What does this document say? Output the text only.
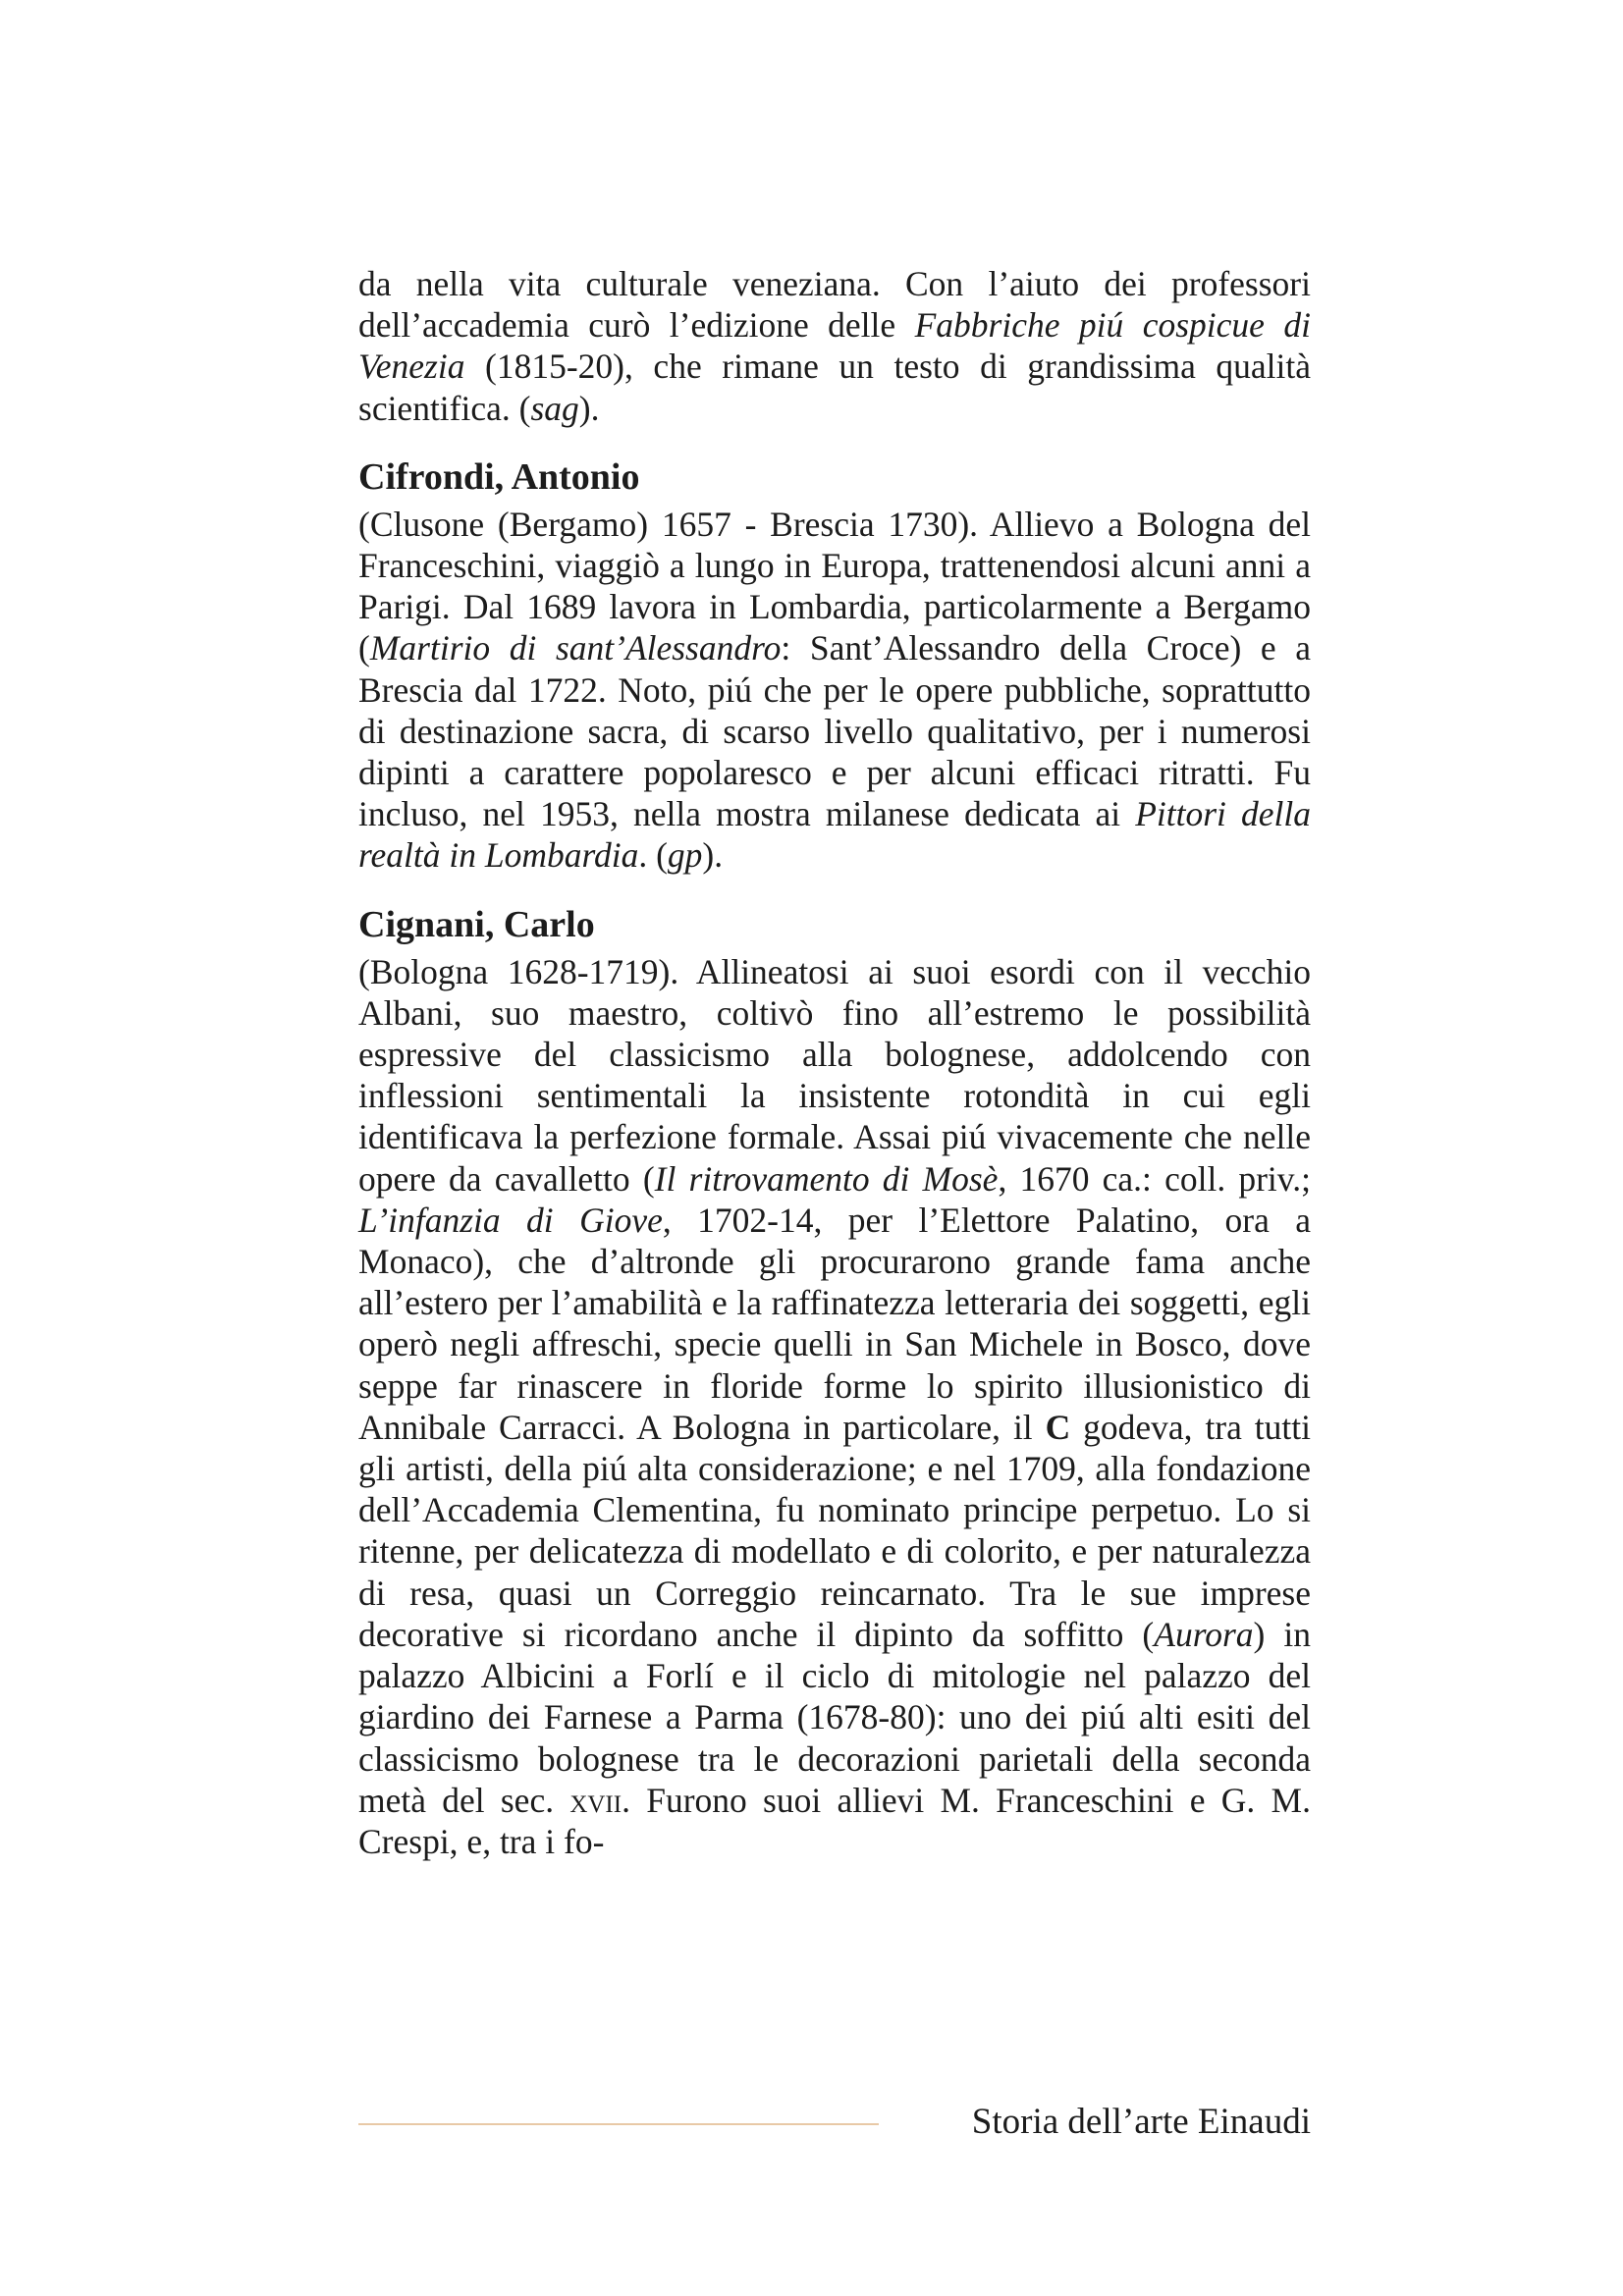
da nella vita culturale veneziana. Con l’aiuto dei professori dell’accademia curò l’edizione delle Fabbriche piú cospicue di Venezia (1815-20), che rimane un testo di grandissima qualità scientifica. (sag).

Cifrondi, Antonio

(Clusone (Bergamo) 1657 - Brescia 1730). Allievo a Bologna del Franceschini, viaggiò a lungo in Europa, trattenendosi alcuni anni a Parigi. Dal 1689 lavora in Lombardia, particolarmente a Bergamo (Martirio di sant’Alessandro: Sant’Alessandro della Croce) e a Brescia dal 1722. Noto, piú che per le opere pubbliche, soprattutto di destinazione sacra, di scarso livello qualitativo, per i numerosi dipinti a carattere popolaresco e per alcuni efficaci ritratti. Fu incluso, nel 1953, nella mostra milanese dedicata ai Pittori della realtà in Lombardia. (gp).

Cignani, Carlo

(Bologna 1628-1719). Allineatosi ai suoi esordi con il vecchio Albani, suo maestro, coltivò fino all’estremo le possibilità espressive del classicismo alla bolognese, addolcendo con inflessioni sentimentali la insistente rotondità in cui egli identificava la perfezione formale. Assai piú vivacemente che nelle opere da cavalletto (Il ritrovamento di Mosè, 1670 ca.: coll. priv.; L’infanzia di Giove, 1702-14, per l’Elettore Palatino, ora a Monaco), che d’altronde gli procurarono grande fama anche all’estero per l’amabilità e la raffinatezza letteraria dei soggetti, egli operò negli affreschi, specie quelli in San Michele in Bosco, dove seppe far rinascere in floride forme lo spirito illusionistico di Annibale Carracci. A Bologna in particolare, il C godeva, tra tutti gli artisti, della piú alta considerazione; e nel 1709, alla fondazione dell’Accademia Clementina, fu nominato principe perpetuo. Lo si ritenne, per delicatezza di modellato e di colorito, e per naturalezza di resa, quasi un Correggio reincarnato. Tra le sue imprese decorative si ricordano anche il dipinto da soffitto (Aurora) in palazzo Albicini a Forlí e il ciclo di mitologie nel palazzo del giardino dei Farnese a Parma (1678-80): uno dei piú alti esiti del classicismo bolognese tra le decorazioni parietali della seconda metà del sec. xvii. Furono suoi allievi M. Franceschini e G. M. Crespi, e, tra i fo-

Storia dell’arte Einaudi
